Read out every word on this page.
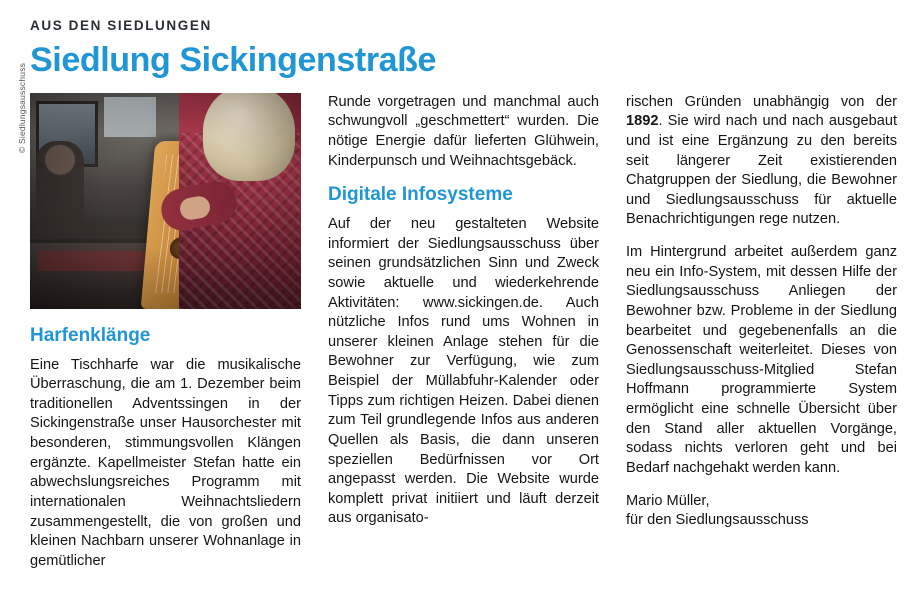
AUS DEN SIEDLUNGEN
Siedlung Sickingenstraße
© Siedlungsausschuss
Harfenklänge

Eine Tischharfe war die musikalische Überraschung, die am 1. Dezember beim traditionellen Adventssingen in der Sickingenstraße unser Hausorchester mit besonderen, stimmungsvollen Klängen ergänzte. Kapellmeister Stefan hatte ein abwechslungsreiches Programm mit internationalen Weihnachtsliedern zusammengestellt, die von großen und kleinen Nachbarn unserer Wohnanlage in gemütlicher

Runde vorgetragen und manchmal auch schwungvoll „geschmettert“ wurden. Die nötige Energie dafür lieferten Glühwein, Kinderpunsch und Weihnachtsgebäck.

Digitale Infosysteme

Auf der neu gestalteten Website informiert der Siedlungsausschuss über seinen grundsätzlichen Sinn und Zweck sowie aktuelle und wiederkehrende Aktivitäten: www.sickingen.de. Auch nützliche Infos rund ums Wohnen in unserer kleinen Anlage stehen für die Bewohner zur Verfügung, wie zum Beispiel der Müllabfuhr-Kalender oder Tipps zum richtigen Heizen. Dabei dienen zum Teil grundlegende Infos aus anderen Quellen als Basis, die dann unseren speziellen Bedürfnissen vor Ort angepasst werden. Die Website wurde komplett privat initiiert und läuft derzeit aus organisato-

rischen Gründen unabhängig von der 1892. Sie wird nach und nach ausgebaut und ist eine Ergänzung zu den bereits seit längerer Zeit existierenden Chatgruppen der Siedlung, die Bewohner und Siedlungsausschuss für aktuelle Benachrichtigungen rege nutzen.

Im Hintergrund arbeitet außerdem ganz neu ein Info-System, mit dessen Hilfe der Siedlungsausschuss Anliegen der Bewohner bzw. Probleme in der Siedlung bearbeitet und gegebenenfalls an die Genossenschaft weiterleitet. Dieses von Siedlungsausschuss-Mitglied Stefan Hoffmann programmierte System ermöglicht eine schnelle Übersicht über den Stand aller aktuellen Vorgänge, sodass nichts verloren geht und bei Bedarf nachgehakt werden kann.

Mario Müller,

für den Siedlungsausschuss
